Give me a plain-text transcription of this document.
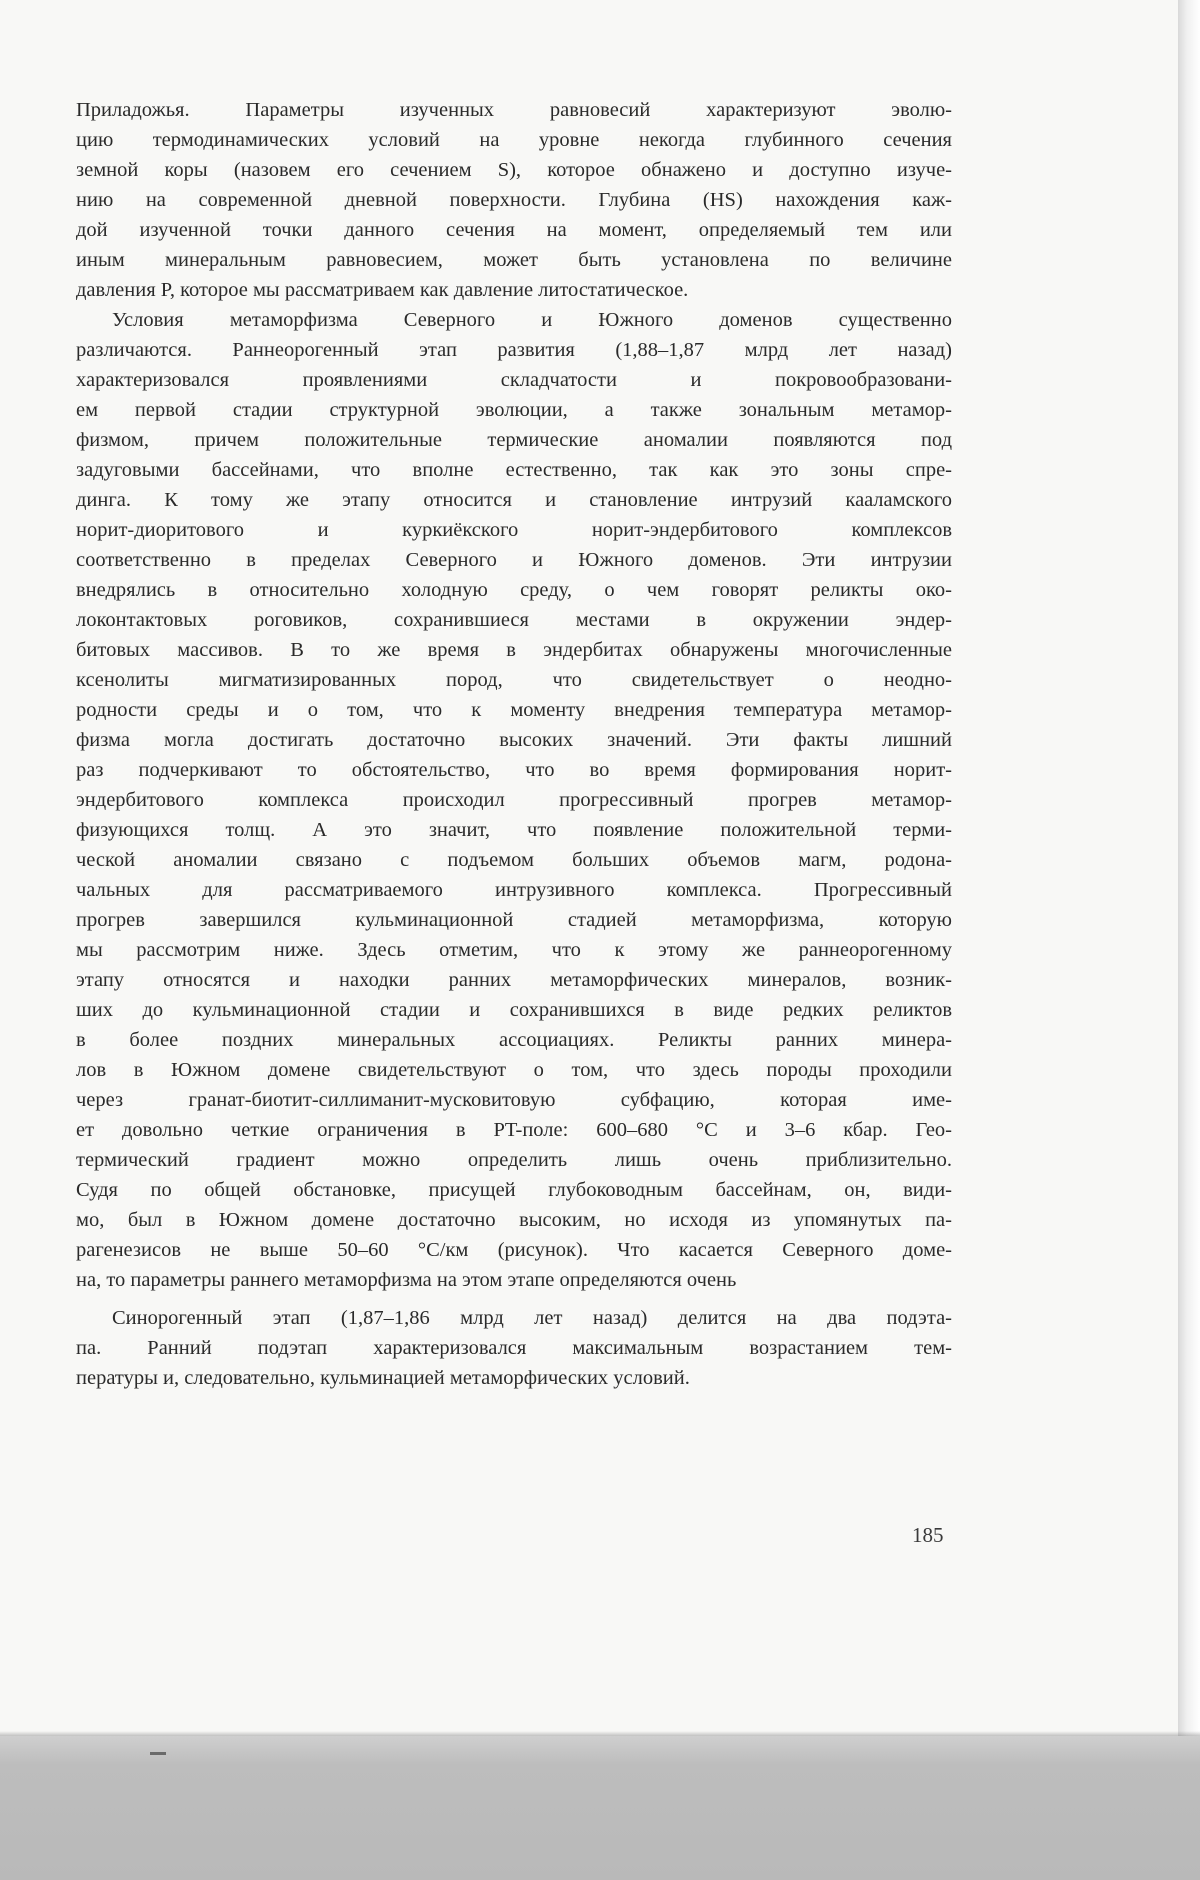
Приладожья. Параметры изученных равновесий характеризуют эволю-
цию термодинамических условий на уровне некогда глубинного сечения
земной коры (назовем его сечением S), которое обнажено и доступно изуче-
нию на современной дневной поверхности. Глубина (HS) нахождения каж-
дой изученной точки данного сечения на момент, определяемый тем или
иным минеральным равновесием, может быть установлена по величине
давления P, которое мы рассматриваем как давление литостатическое.
Условия метаморфизма Северного и Южного доменов существенно
различаются. Раннеорогенный этап развития (1,88–1,87 млрд лет назад)
характеризовался проявлениями складчатости и покровообразовани-
ем первой стадии структурной эволюции, а также зональным метамор-
физмом, причем положительные термические аномалии появляются под
задуговыми бассейнами, что вполне естественно, так как это зоны спре-
динга. К тому же этапу относится и становление интрузий каaламского
норит-диоритового и куркиёкского норит-эндербитового комплексов
соответственно в пределах Северного и Южного доменов. Эти интрузии
внедрялись в относительно холодную среду, о чем говорят реликты око-
локонтактовых роговиков, сохранившиеся местами в окружении эндер-
битовых массивов. В то же время в эндербитах обнаружены многочисленные
ксенолиты мигматизированных пород, что свидетельствует о неодно-
родности среды и о том, что к моменту внедрения температура метамор-
физма могла достигать достаточно высоких значений. Эти факты лишний
раз подчеркивают то обстоятельство, что во время формирования норит-
эндербитового комплекса происходил прогрессивный прогрев метамор-
физующихся толщ. А это значит, что появление положительной терми-
ческой аномалии связано с подъемом больших объемов магм, родона-
чальных для рассматриваемого интрузивного комплекса. Прогрессивный
прогрев завершился кульминационной стадией метаморфизма, которую
мы рассмотрим ниже. Здесь отметим, что к этому же раннеорогенному
этапу относятся и находки ранних метаморфических минералов, возник-
ших до кульминационной стадии и сохранившихся в виде редких реликтов
в более поздних минеральных ассоциациях. Реликты ранних минера-
лов в Южном домене свидетельствуют о том, что здесь породы проходили
через гранат-биотит-силлиманит-мусковитовую субфацию, которая име-
ет довольно четкие ограничения в PT-поле: 600–680 °С и 3–6 кбар. Гео-
термический градиент можно определить лишь очень приблизительно.
Судя по общей обстановке, присущей глубоководным бассейнам, он, види-
мо, был в Южном домене достаточно высоким, но исходя из упомянутых па-
рагенезисов не выше 50–60 °С/км (рисунок). Что касается Северного доме-
на, то параметры раннего метаморфизма на этом этапе определяются очень
Синорогенный этап (1,87–1,86 млрд лет назад) делится на два подэта-
па. Ранний подэтап характеризовался максимальным возрастанием тем-
пературы и, следовательно, кульминацией метаморфических условий.
185
